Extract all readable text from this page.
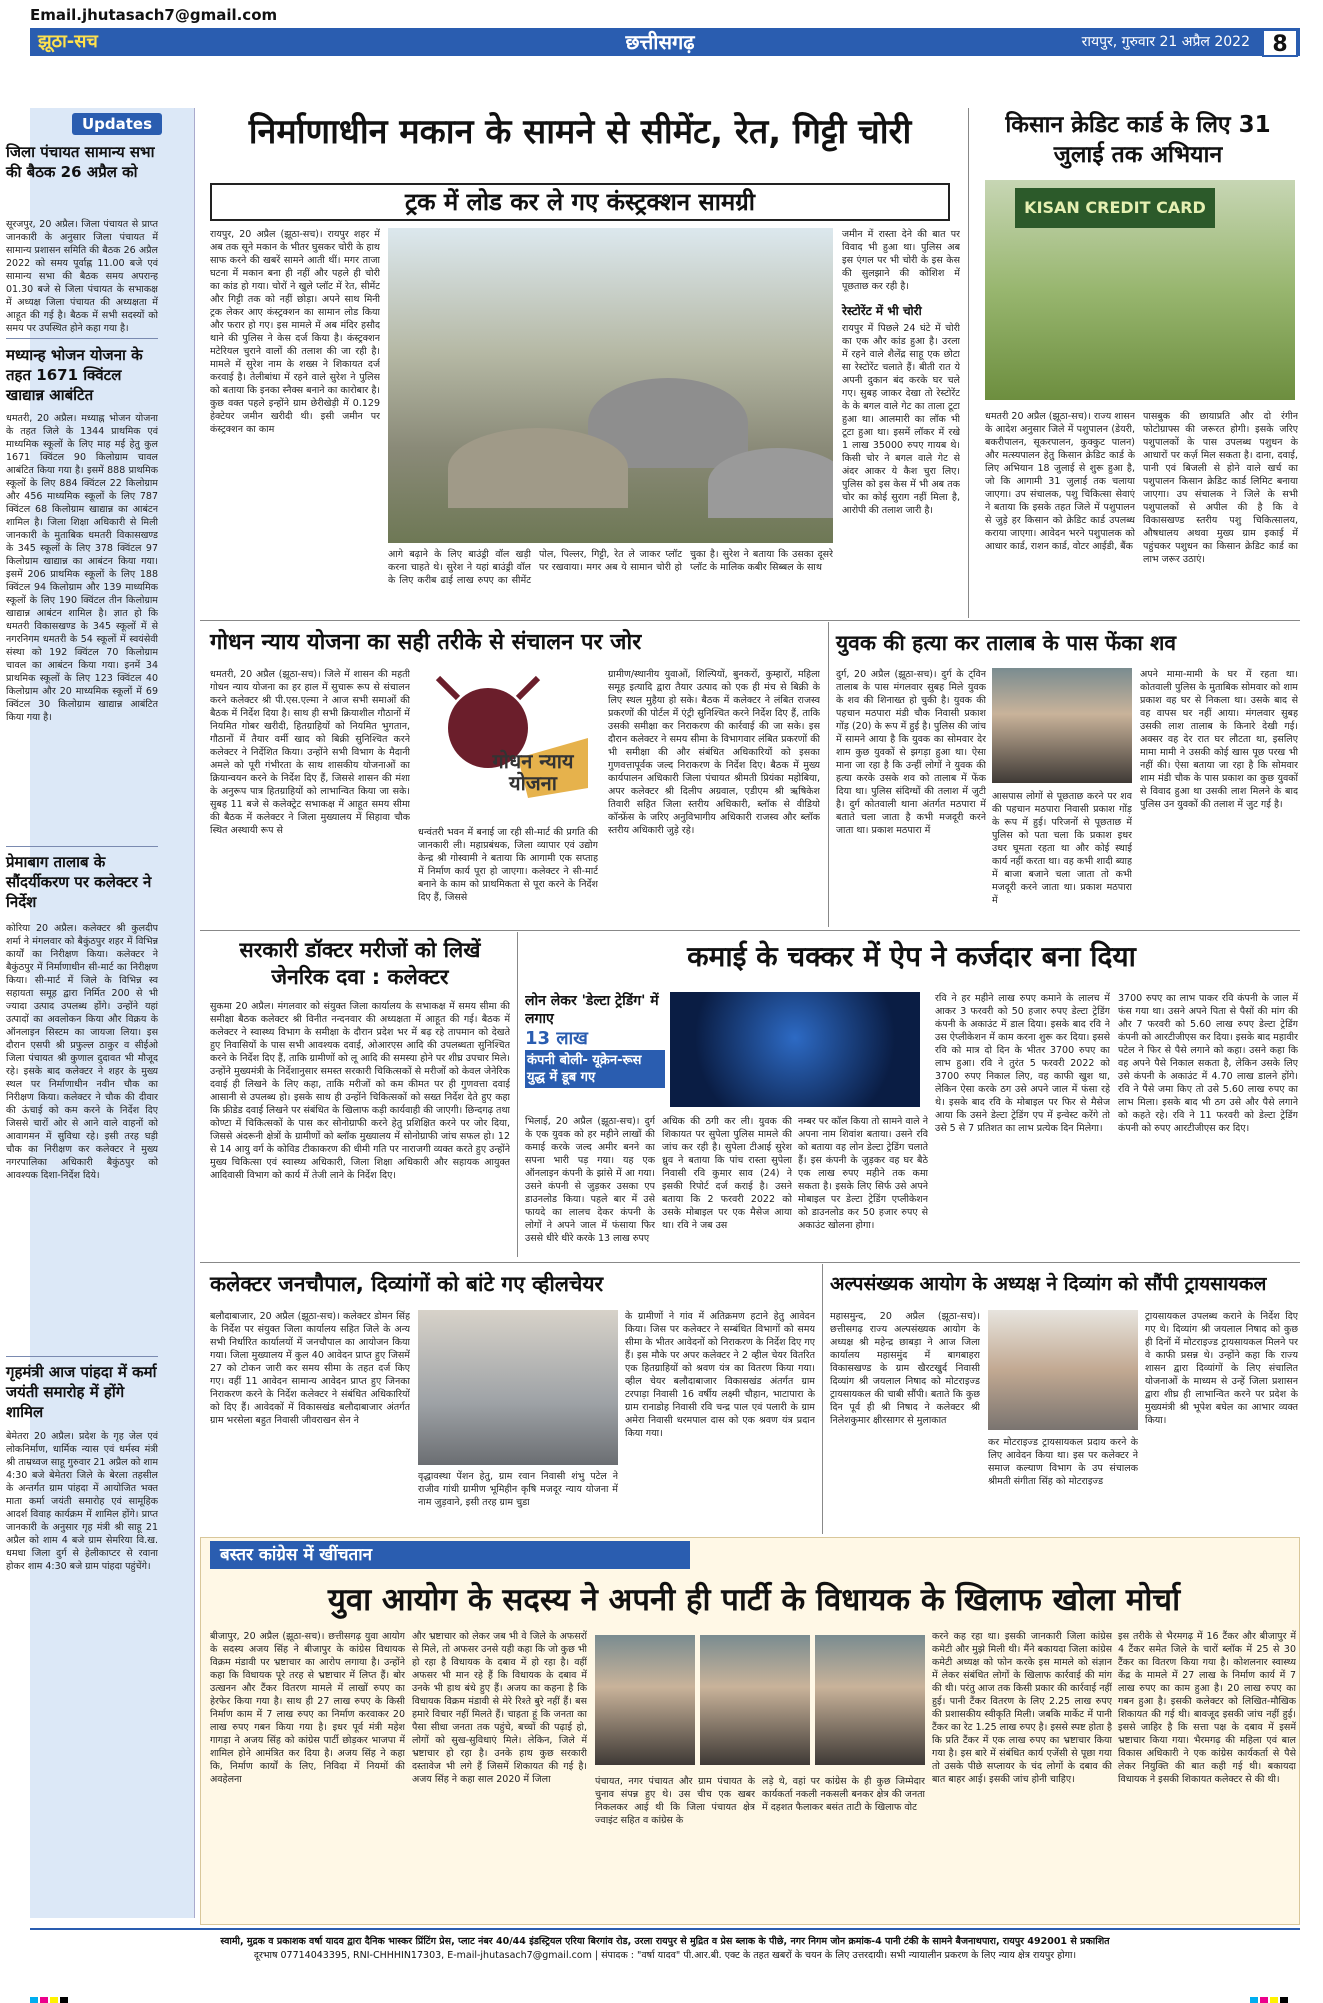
Email.jhutasach7@gmail.com
झूठा-सच	छत्तीसगढ़	रायपुर, गुरुवार 21 अप्रैल 2022	8
Updates
जिला पंचायत सामान्य सभा की बैठक 26 अप्रैल को
सूरजपुर, 20 अप्रैल। जिला पंचायत से प्राप्त जानकारी के अनुसार जिला पंचायत में सामान्य प्रशासन समिति की बैठक 26 अप्रैल 2022 को समय पूर्वाह्न 11.00 बजे एवं सामान्य सभा की बैठक समय अपरान्ह 01.30 बजे से जिला पंचायत के सभाकक्ष में अध्यक्ष जिला पंचायत की अध्यक्षता में आहूत की गई है। बैठक में सभी सदस्यों को समय पर उपस्थित होने कहा गया है।
मध्यान्ह भोजन योजना के तहत 1671 क्विंटल खाद्यान्न आबंटित
धमतरी, 20 अप्रैल। मध्याह्न भोजन योजना के तहत जिले के 1344 प्राथमिक एवं माध्यमिक स्कूलों के लिए माह मई हेतु कुल 1671 क्विंटल 90 किलोग्राम चावल आबंटित किया गया है। इसमें 888 प्राथमिक स्कूलों के लिए 884 क्विंटल 22 किलोग्राम और 456 माध्यमिक स्कूलों के लिए 787 क्विंटल 68 किलोग्राम खाद्यान्न का आबंटन शामिल है। जिला शिक्षा अधिकारी से मिली जानकारी के मुताबिक धमतरी विकासखण्ड के 345 स्कूलों के लिए 378 क्विंटल 97 किलोग्राम खाद्यान्न का आबंटन किया गया। इसमें 206 प्राथमिक स्कूलों के लिए 188 क्विंटल 94 किलोग्राम और 139 माध्यमिक स्कूलों के लिए 190 क्विंटल तीन किलोग्राम खाद्यान्न आबंटन शामिल है। ज्ञात हो कि धमतरी विकासखण्ड के 345 स्कूलों में से नगरनिगम धमतरी के 54 स्कूलों में स्वयंसेवी संस्था को 192 क्विंटल 70 किलोग्राम चावल का आबंटन किया गया। इनमें 34 प्राथमिक स्कूलों के लिए 123 क्विंटल 40 किलोग्राम और 20 माध्यमिक स्कूलों में 69 क्विंटल 30 किलोग्राम खाद्यान्न आबंटित किया गया है।
प्रेमाबाग तालाब के सौंदर्यीकरण पर कलेक्टर ने निर्देश
कोरिया 20 अप्रैल। कलेक्टर श्री कुलदीप शर्मा ने मंगलवार को बैकुंठपुर शहर में विभिन्न कार्यों का निरीक्षण किया। कलेक्टर ने बैकुंठपुर में निर्माणाधीन सी-मार्ट का निरीक्षण किया। सी-मार्ट में जिले के विभिन्न स्व सहायता समूह द्वारा निर्मित 200 से भी ज्यादा उत्पाद उपलब्ध होंगे। उन्होंने यहां उत्पादों का अवलोकन किया और विक्रय के ऑनलाइन सिस्टम का जायजा लिया। इस दौरान एसपी श्री प्रफुल्ल ठाकुर व सीईओ जिला पंचायत श्री कुणाल दुदावत भी मौजूद रहे। इसके बाद कलेक्टर ने शहर के मुख्य स्थल पर निर्माणाधीन नवीन चौक का निरीक्षण किया। कलेक्टर ने चौक की दीवार की ऊंचाई को कम करने के निर्देश दिए जिससे चारों ओर से आने वाले वाहनों को आवागमन में सुविधा रहे। इसी तरह घड़ी चौक का निरीक्षण कर कलेक्टर ने मुख्य नगरपालिका अधिकारी बैकुंठपुर को आवश्यक दिशा-निर्देश दिये।
गृहमंत्री आज पांहदा में कर्मा जयंती समारोह में होंगे शामिल
बेमेतरा 20 अप्रैल। प्रदेश के गृह जेल एवं लोकनिर्माण, धार्मिक न्यास एवं धर्मस्व मंत्री श्री ताम्रध्वज साहू गुरुवार 21 अप्रैल को शाम 4:30 बजे बेमेतरा जिले के बेरला तहसील के अन्तर्गत ग्राम पांहदा में आयोजित भक्त माता कर्मा जयंती समारोह एवं सामूहिक आदर्श विवाह कार्यक्रम में शामिल होंगे। प्राप्त जानकारी के अनुसार गृह मंत्री श्री साहू 21 अप्रैल को शाम 4 बजे ग्राम सेमरिया वि.ख. धमधा जिला दुर्ग से हेलीकाप्टर से रवाना होकर शाम 4:30 बजे ग्राम पांहदा पहुंचेंगे।
निर्माणाधीन मकान के सामने से सीमेंट, रेत, गिट्टी चोरी
ट्रक में लोड कर ले गए कंस्ट्रक्शन सामग्री
रायपुर, 20 अप्रैल (झूठा-सच)। रायपुर शहर में अब तक सूने मकान के भीतर घुसकर चोरी के हाथ साफ करने की खबरें सामने आती थीं। मगर ताजा घटना में मकान बना ही नहीं और पहले ही चोरी का कांड हो गया। चोरों ने खुले प्लॉट में रेत, सीमेंट और गिट्टी तक को नहीं छोड़ा। अपने साथ मिनी ट्रक लेकर आए कंस्ट्रक्शन का सामान लोड किया और फरार हो गए। इस मामले में अब मंदिर हसौद थाने की पुलिस ने केस दर्ज किया है। कंस्ट्रक्शन मटेरियल चुराने वालों की तलाश की जा रही है। मामले में सुरेश नाम के शख्स ने शिकायत दर्ज करवाई है। तेलीबांधा में रहने वाले सुरेश ने पुलिस को बताया कि इनका स्नैक्स बनाने का कारोबार है। कुछ वक्त पहले इन्होंने ग्राम छेरीखेड़ी में 0.129 हेक्टेयर जमीन खरीदी थी। इसी जमीन पर कंस्ट्रक्शन का काम
आगे बढ़ाने के लिए बाउंड्री वॉल खड़ी करना चाहते थे। सुरेश ने यहां बाउंड्री वॉल के लिए करीब ढाई लाख रुपए का सीमेंट पोल, पिल्लर, गिट्टी, रेत ले जाकर प्लॉट पर रखवाया। मगर अब ये सामान चोरी हो चुका है। सुरेश ने बताया कि उसका दूसरे प्लॉट के मालिक कबीर सिब्बल के साथ
जमीन में रास्ता देने की बात पर विवाद भी हुआ था। पुलिस अब इस एंगल पर भी चोरी के इस केस की सुलझाने की कोशिश में पूछताछ कर रही है।
रेस्टोरेंट में भी चोरी
रायपुर में पिछले 24 घंटे में चोरी का एक और कांड हुआ है। उरला में रहने वाले शैलेंद्र साहू एक छोटा सा रेस्टोरेंट चलाते हैं। बीती रात ये अपनी दुकान बंद करके घर चले गए। सुबह जाकर देखा तो रेस्टोरेंट के के बगल वाले गेट का ताला टूटा हुआ था। आलमारी का लॉक भी टूटा हुआ था। इसमें लॉकर में रखे 1 लाख 35000 रुपए गायब थे। किसी चोर ने बगल वाले गेट से अंदर आकर ये कैश चुरा लिए। पुलिस को इस केस में भी अब तक चोर का कोई सुराग नहीं मिला है, आरोपी की तलाश जारी है।
किसान क्रेडिट कार्ड के लिए 31 जुलाई तक अभियान
KISAN CREDIT CARD
धमतरी 20 अप्रैल (झूठा-सच)। राज्य शासन के आदेश अनुसार जिले में पशुपालन (डेयरी, बकरीपालन, सूकरपालन, कुक्कुट पालन) और मत्स्यपालन हेतु किसान क्रेडिट कार्ड के लिए अभियान 18 जुलाई से शुरू हुआ है, जो कि आगामी 31 जुलाई तक चलाया जाएगा। उप संचालक, पशु चिकित्सा सेवाएं ने बताया कि इसके तहत जिले में पशुपालन से जुड़े हर किसान को क्रेडिट कार्ड उपलब्ध कराया जाएगा। आवेदन भरने पशुपालक को आधार कार्ड, राशन कार्ड, वोटर आईडी, बैंक
पासबुक की छायाप्रति और दो रंगीन फोटोग्राफ्स की जरूरत होगी। इसके जरिए पशुपालकों के पास उपलब्ध पशुधन के आधारों पर कर्ज़ मिल सकता है। दाना, दवाई, पानी एवं बिजली से होने वाले खर्च का पशुपालन किसान क्रेडिट कार्ड लिमिट बनाया जाएगा। उप संचालक ने जिले के सभी पशुपालकों से अपील की है कि वे विकासखण्ड स्तरीय पशु चिकित्सालय, औषधालय अथवा मुख्य ग्राम इकाई में पहुंचकर पशुधन का किसान क्रेडिट कार्ड का लाभ जरूर उठाएं।
गोधन न्याय योजना का सही तरीके से संचालन पर जोर
धमतरी, 20 अप्रैल (झूठा-सच)। जिले में शासन की महती गोधन न्याय योजना का हर हाल में सुचारू रूप से संचालन करने कलेक्टर श्री पी.एस.एल्मा ने आज सभी समाओं की बैठक में निर्देश दिया है। साथ ही सभी क्रियाशील गौठानों में नियमित गोबर खरीदी, हितग्राहियों को नियमित भुगतान, गौठानों में तैयार वर्मी खाद को बिक्री सुनिश्चित करने कलेक्टर ने निर्देशित किया। उन्होंने सभी विभाग के मैदानी अमले को पूरी गंभीरता के साथ शासकीय योजनाओं का क्रियान्वयन करने के निर्देश दिए हैं, जिससे शासन की मंशा के अनुरूप पात्र हितग्राहियों को लाभान्वित किया जा सके। सुबह 11 बजे से कलेक्ट्रेट सभाकक्ष में आहूत समय सीमा की बैठक में कलेक्टर ने जिला मुख्यालय में सिहावा चौक स्थित अस्थायी रूप से
गोधन न्याय योजना
धन्वंतरी भवन में बनाई जा रही सी-मार्ट की प्रगति की जानकारी ली। महाप्रबंधक, जिला व्यापार एवं उद्योग केन्द्र श्री गोस्वामी ने बताया कि आगामी एक सप्ताह में निर्माण कार्य पूरा हो जाएगा। कलेक्टर ने सी-मार्ट बनाने के काम को प्राथमिकता से पूरा करने के निर्देश दिए हैं, जिससे
ग्रामीण/स्थानीय युवाओं, शिल्पियों, बुनकरों, कुम्हारों, महिला समूह इत्यादि द्वारा तैयार उत्पाद को एक ही मंच से बिक्री के लिए स्थल मुहैया हो सके। बैठक में कलेक्टर ने लंबित राजस्व प्रकरणों की पोर्टल में एंट्री सुनिश्चित करने निर्देश दिए हैं, ताकि उसकी समीक्षा कर निराकरण की कार्रवाई की जा सके। इस दौरान कलेक्टर ने समय सीमा के विभागवार लंबित प्रकरणों की भी समीक्षा की और संबंधित अधिकारियों को इसका गुणवत्तापूर्वक जल्द निराकरण के निर्देश दिए। बैठक में मुख्य कार्यपालन अधिकारी जिला पंचायत श्रीमती प्रियंका महोबिया, अपर कलेक्टर श्री दिलीप अग्रवाल, एडीएम श्री ऋषिकेश तिवारी सहित जिला स्तरीय अधिकारी, ब्लॉक से वीडियो कॉन्फ्रेंस के जरिए अनुविभागीय अधिकारी राजस्व और ब्लॉक स्तरीय अधिकारी जुड़े रहे।
युवक की हत्या कर तालाब के पास फेंका शव
दुर्ग, 20 अप्रैल (झूठा-सच)। दुर्ग के ट्विन तालाब के पास मंगलवार सुबह मिले युवक के शव की शिनाख्त हो चुकी है। युवक की पहचान मठपारा मंडी चौक निवासी प्रकाश गोंड़ (20) के रूप में हुई है। पुलिस की जांच में सामने आया है कि युवक का सोमवार देर शाम कुछ युवकों से झगड़ा हुआ था। ऐसा माना जा रहा है कि उन्हीं लोगों ने युवक की हत्या करके उसके शव को तालाब में फेंक दिया था। पुलिस संदिग्धों की तलाश में जुटी है। दुर्ग कोतवाली थाना अंतर्गत मठपारा में बताते चला जाता है कभी मजदूरी करने जाता था। प्रकाश मठपारा में
आसपास लोगों से पूछताछ करने पर शव की पहचान मठपारा निवासी प्रकाश गोंड़ के रूप में हुई। परिजनों से पूछताछ में पुलिस को पता चला कि प्रकाश इधर उधर घूमता रहता था और कोई स्थाई कार्य नहीं करता था। वह कभी शादी ब्याह में बाजा बजाने चला जाता तो कभी मजदूरी करने जाता था। प्रकाश मठपारा में
अपने मामा-मामी के घर में रहता था। कोतवाली पुलिस के मुताबिक सोमवार को शाम प्रकाश वह घर से निकला था। उसके बाद से वह वापस घर नहीं आया। मंगलवार सुबह उसकी लाश तालाब के किनारे देखी गई। अक्सर वह देर रात घर लौटता था, इसलिए मामा मामी ने उसकी कोई खास पूछ परख भी नहीं की। ऐसा बताया जा रहा है कि सोमवार शाम मंडी चौक के पास प्रकाश का कुछ युवकों से विवाद हुआ था उसकी लाश मिलने के बाद पुलिस उन युवकों की तलाश में जुट गई है।
सरकारी डॉक्टर मरीजों को लिखें जेनरिक दवा : कलेक्टर
सुकमा 20 अप्रैल। मंगलवार को संयुक्त जिला कार्यालय के सभाकक्ष में समय सीमा की समीक्षा बैठक कलेक्टर श्री विनीत नन्दनवार की अध्यक्षता में आहूत की गई। बैठक में कलेक्टर ने स्वास्थ्य विभाग के समीक्षा के दौरान प्रदेश भर में बढ़ रहे तापमान को देखते हुए निवासियों के पास सभी आवश्यक दवाई, ओआरएस आदि की उपलब्धता सुनिश्चित करने के निर्देश दिए हैं, ताकि ग्रामीणों को लू आदि की समस्या होने पर शीघ्र उपचार मिले। उन्होंने मुख्यमंत्री के निर्देशानुसार समस्त सरकारी चिकित्सकों से मरीजों को केवल जेनेरिक दवाई ही लिखने के लिए कहा, ताकि मरीजों को कम कीमत पर ही गुणवत्ता दवाई आसानी से उपलब्ध हो। इसके साथ ही उन्होंने चिकित्सकों को सख्त निर्देश देते हुए कहा कि फ्रीडेड दवाई लिखने पर संबंधित के खिलाफ कड़ी कार्यवाही की जाएगी। छिन्दगढ़ तथा कोण्टा में चिकित्सकों के पास कर सोनोग्राफी करने हेतु प्रशिक्षित करने पर जोर दिया, जिससे अंदरूनी क्षेत्रों के ग्रामीणों को ब्लॉक मुख्यालय में सोनोग्राफी जांच सफल हो। 12 से 14 आयु वर्ग के कोविड टीकाकरण की धीमी गति पर नाराजगी व्यक्त करते हुए उन्होंने मुख्य चिकित्सा एवं स्वास्थ्य अधिकारी, जिला शिक्षा अधिकारी और सहायक आयुक्त आदिवासी विभाग को कार्य में तेजी लाने के निर्देश दिए।
कमाई के चक्कर में ऐप ने कर्जदार बना दिया
लोन लेकर 'डेल्टा ट्रेडिंग' में लगाए
13 लाख
कंपनी बोली- यूक्रेन-रूस युद्ध में डूब गए
भिलाई, 20 अप्रैल (झूठा-सच)। दुर्ग के एक युवक को हर महीने लाखों की कमाई करके जल्द अमीर बनने का सपना भारी पड़ गया। यह एक ऑनलाइन कंपनी के झांसे में आ गया। उसने कंपनी से जुड़कर उसका एप डाउनलोड किया। पहले बार में उसे फायदे का लालच देकर कंपनी के लोगों ने अपने जाल में फंसाया फिर उससे धीरे धीरे करके 13 लाख रुपए
अधिक की ठगी कर ली। युवक की शिकायत पर सुपेला पुलिस मामले की जांच कर रही है। सुपेला टीआई सुरेश ध्रुव ने बताया कि पांच रास्ता सुपेला निवासी रवि कुमार साव (24) ने इसकी रिपोर्ट दर्ज कराई है। उसने बताया कि 2 फरवरी 2022 को उसके मोबाइल पर एक मैसेज आया था। रवि ने जब उस
नम्बर पर कॉल किया तो सामने वाले ने अपना नाम शिवांश बताया। उसने रवि को बताया वह लोन डेल्टा ट्रेडिंग चलाते हैं। इस कंपनी के जुड़कर वह घर बैठे एक लाख रुपए महीने तक कमा सकता है। इसके लिए सिर्फ उसे अपने मोबाइल पर डेल्टा ट्रेडिंग एप्लीकेशन को डाउनलोड कर 50 हजार रुपए से अकाउंट खोलना होगा।
रवि ने हर महीने लाख रुपए कमाने के लालच में आकर 3 फरवरी को 50 हजार रुपए डेल्टा ट्रेडिंग कंपनी के अकाउंट में डाल दिया। इसके बाद रवि ने उस ऐप्लीकेशन में काम करना शुरू कर दिया। इससे रवि को मात्र दो दिन के भीतर 3700 रुपए का लाभ हुआ। रवि ने तुरंत 5 फरवरी 2022 को 3700 रुपए निकाल लिए, वह काफी खुश था, लेकिन ऐसा करके ठग उसे अपने जाल में फंसा रहे थे। इसके बाद रवि के मोबाइल पर फिर से मैसेज आया कि उसने डेल्टा ट्रेडिंग एप में इन्वेस्ट करेंगे तो उसे 5 से 7 प्रतिशत का लाभ प्रत्येक दिन मिलेगा।
3700 रुपए का लाभ पाकर रवि कंपनी के जाल में फंस गया था। उसने अपने पिता से पैसों की मांग की और 7 फरवरी को 5.60 लाख रुपए डेल्टा ट्रेडिंग कंपनी को आरटीजीएस कर दिया। इसके बाद महावीर पटेल ने फिर से पैसे लगाने को कहा। उसने कहा कि वह अपने पैसे निकाल सकता है, लेकिन उसके लिए उसे कंपनी के अकाउंट में 4.70 लाख डालने होंगे। रवि ने पैसे जमा किए तो उसे 5.60 लाख रुपए का लाभ मिला। इसके बाद भी ठग उसे और पैसे लगाने को कहते रहे। रवि ने 11 फरवरी को डेल्टा ट्रेडिंग कंपनी को रुपए आरटीजीएस कर दिए।
कलेक्टर जनचौपाल, दिव्यांगों को बांटे गए व्हीलचेयर
बलौदाबाजार, 20 अप्रैल (झूठा-सच)। कलेक्टर डोमन सिंह के निर्देश पर संयुक्त जिला कार्यालय सहित जिले के अन्य सभी निर्धारित कार्यालयों में जनचौपाल का आयोजन किया गया। जिला मुख्यालय में कुल 40 आवेदन प्राप्त हुए जिसमें 27 को टोकन जारी कर समय सीमा के तहत दर्ज किए गए। वहीं 11 आवेदन सामान्य आवेदन प्राप्त हुए जिनका निराकरण करने के निर्देश कलेक्टर ने संबंधित अधिकारियों को दिए हैं। आवेदकों में विकासखंड बलौदाबाजार अंतर्गत ग्राम भरसेला बहुत निवासी जीवराखन सेन ने
वृद्धावस्था पेंशन हेतु, ग्राम रवान निवासी शंभु पटेल ने राजीव गांधी ग्रामीण भूमिहीन कृषि मजदूर न्याय योजना में नाम जुड़वाने, इसी तरह ग्राम चुडा
के ग्रामीणों ने गांव में अतिक्रमण हटाने हेतु आवेदन किया। जिस पर कलेक्टर ने सम्बंधित विभागों को समय सीमा के भीतर आवेदनों को निराकरण के निर्देश दिए गए हैं। इस मौके पर अपर कलेक्टर ने 2 व्हील चेयर वितरित एक हितग्राहियों को श्रवण यंत्र का वितरण किया गया। व्हील चेयर बलौदाबाजार विकासखंड अंतर्गत ग्राम टरपाड़ा निवासी 16 वर्षीय लक्ष्मी चौहान, भाटापारा के ग्राम रानाडोह निवासी रवि चन्द्र पाल एवं पलारी के ग्राम अमेरा निवासी धरमपाल दास को एक श्रवण यंत्र प्रदान किया गया।
अल्पसंख्यक आयोग के अध्यक्ष ने दिव्यांग को सौंपी ट्रायसायकल
महासमुन्द, 20 अप्रैल (झूठा-सच)। छत्तीसगढ़ राज्य अल्पसंख्यक आयोग के अध्यक्ष श्री महेन्द्र छाबड़ा ने आज जिला कार्यालय महासमुंद में बागबाहरा विकासखण्ड के ग्राम खैरटखुर्द निवासी दिव्यांग श्री जयलाल निषाद को मोटराइज्ड ट्रायसायकल की चाबी सौंपी। बताते कि कुछ दिन पूर्व ही श्री निषाद ने कलेक्टर श्री निलेशकुमार क्षीरसागर से मुलाकात
कर मोटराइज्ड ट्रायसायकल प्रदाय करने के लिए आवेदन किया था। इस पर कलेक्टर ने समाज कल्याण विभाग के उप संचालक श्रीमती संगीता सिंह को मोटराइज्ड
ट्रायसायकल उपलब्ध कराने के निर्देश दिए गए थे। दिव्यांग श्री जयलाल निषाद को कुछ ही दिनों में मोटराइज्ड ट्रायसायकल मिलने पर वे काफी प्रसन्न थे। उन्होंने कहा कि राज्य शासन द्वारा दिव्यांगों के लिए संचालित योजनाओं के माध्यम से उन्हें जिला प्रशासन द्वारा शीघ्र ही लाभान्वित करने पर प्रदेश के मुख्यमंत्री श्री भूपेश बघेल का आभार व्यक्त किया।
बस्तर कांग्रेस में खींचतान
युवा आयोग के सदस्य ने अपनी ही पार्टी के विधायक के खिलाफ खोला मोर्चा
बीजापुर, 20 अप्रैल (झूठा-सच)। छत्तीसगढ़ युवा आयोग के सदस्य अजय सिंह ने बीजापुर के कांग्रेस विधायक विक्रम मंडावी पर भ्रष्टाचार का आरोप लगाया है। उन्होंने कहा कि विधायक पूरे तरह से भ्रष्टाचार में लिप्त हैं। बोर उत्खनन और टैंकर वितरण मामले में लाखों रुपए का हेरफेर किया गया है। साथ ही 27 लाख रुपए के किसी निर्माण काम में 7 लाख रुपए का निर्माण करवाकर 20 लाख रुपए गबन किया गया है। इधर पूर्व मंत्री महेश गागड़ा ने अजय सिंह को कांग्रेस पार्टी छोड़कर भाजपा में शामिल होने आमंत्रित कर दिया है। अजय सिंह ने कहा कि, निर्माण कार्यों के लिए, निविदा में नियमों की अवहेलना
और भ्रष्टाचार को लेकर जब भी वे जिले के अफसरों से मिले, तो अफसर उनसे यही कहा कि जो कुछ भी हो रहा है विधायक के दबाव में हो रहा है। वहीं अफसर भी मान रहे हैं कि विधायक के दबाव में उनके भी हाथ बंधे हुए हैं। अजय का कहना है कि विधायक विक्रम मंडावी से मेरे रिश्ते बुरे नहीं हैं। बस हमारे विचार नहीं मिलते हैं। चाहता हूं कि जनता का पैसा सीधा जनता तक पहुंचे, बच्चों की पढ़ाई हो, लोगों को सुख-सुविधाएं मिले। लेकिन, जिले में भ्रष्टाचार हो रहा है। उनके हाथ कुछ सरकारी दस्तावेज भी लगे हैं जिसमें शिकायत की गई है। अजय सिंह ने कहा साल 2020 में जिला	पंचायत, नगर पंचायत और ग्राम पंचायत के चुनाव संपन्न हुए थे। उस चीच एक खबर निकलकर आई थी कि जिला पंचायत क्षेत्र ज्वाइंट सहित व कांग्रेस के
लड़े थे, वहां पर कांग्रेस के ही कुछ जिम्मेदार कार्यकर्ता नकली नकसली बनकर क्षेत्र की जनता में दहशत फैलाकर बसंत ताटी के खिलाफ वोट
करने कह रहा था। इसकी जानकारी जिला कांग्रेस कमेटी और मुझे मिली थी। मैंने बकायदा जिला कांग्रेस कमेटी अध्यक्ष को फोन करके इस मामले को संज्ञान में लेकर संबंधित लोगों के खिलाफ कार्रवाई की मांग की थी। परंतु आज तक किसी प्रकार की कार्रवाई नहीं हुई। पानी टैंकर वितरण के लिए 2.25 लाख रुपए की प्रशासकीय स्वीकृति मिली। जबकि मार्केट में पानी टैंकर का रेट 1.25 लाख रुपए है। इससे स्पष्ट होता है कि प्रति टैंकर में एक लाख रुपए का भ्रष्टाचार किया गया है। इस बारे में संबंधित कार्य एजेंसी से पूछा गया तो उसके पीछे सप्लायर के चंद लोगों के दबाव की बात बाहर आई। इसकी जांच होनी चाहिए।
इस तरीके से भैरमगढ़ में 16 टैंकर और बीजापुर में 4 टैंकर समेत जिले के चारों ब्लॉक में 25 से 30 टैंकर का वितरण किया गया है। कोशलनार स्वास्थ्य केंद्र के मामले में 27 लाख के निर्माण कार्य में 7 लाख रुपए का काम हुआ है। 20 लाख रुपए का गबन हुआ है। इसकी कलेक्टर को लिखित-मौखिक शिकायत की गई थी। बावजूद इसकी जांच नहीं हुई। इससे जाहिर है कि सत्ता पक्ष के दबाव में इसमें भ्रष्टाचार किया गया। भैरमगढ़ की महिला एवं बाल विकास अधिकारी ने एक कांग्रेस कार्यकर्ता से पैसे लेकर नियुक्ति की बात कही गई थी। बकायदा विधायक ने इसकी शिकायत कलेक्टर से की थी।
स्वामी, मुद्रक व प्रकाशक वर्षा यादव द्वारा दैनिक भास्कर प्रिंटिंग प्रेस, प्लाट नंबर 40/44 इंडस्ट्रियल एरिया बिरगांव रोड, उरला रायपुर से मुद्रित व प्रेस ब्लाक के पीछे, नगर निगम जोन क्रमांक-4 पानी टंकी के सामने बैजनाथपारा, रायपुर 492001 से प्रकाशित
दूरभाष 07714043395, RNI-CHHHIN17303, E-mail-jhutasach7@gmail.com | संपादक : "वर्षा यादव" पी.आर.बी. एक्ट के तहत खबरों के चयन के लिए उत्तरदायी। सभी न्यायालीन प्रकरण के लिए न्याय क्षेत्र रायपुर होगा।
